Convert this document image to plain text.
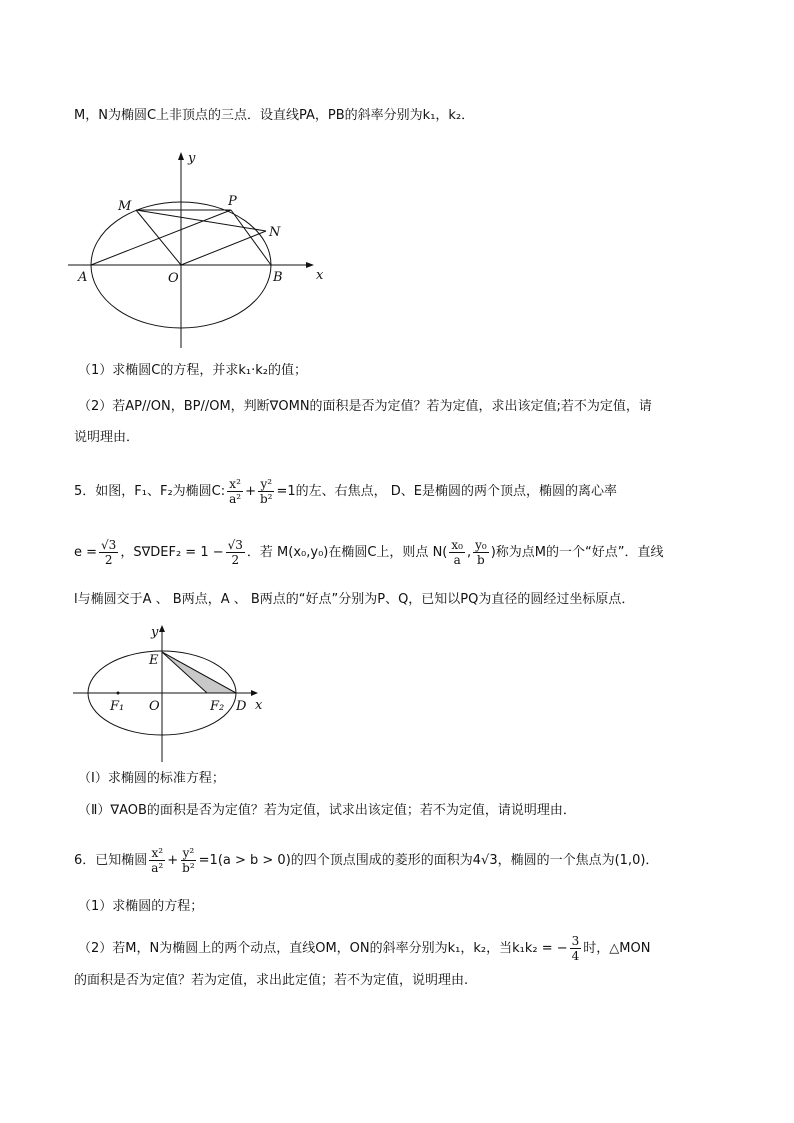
M，N为椭圆C上非顶点的三点．设直线PA，PB的斜率分别为k₁，k₂．
y
M	P
N
A	O	B	x
（1）求椭圆C的方程，并求k₁·k₂的值；
（2）若AP//ON，BP//OM，判断∇OMN的面积是否为定值？若为定值，求出该定值;若不为定值，请
说明理由．
5．如图，F₁、F₂为椭圆C: $\frac{\text{x²}}{\text{a²}} + \frac{\text{y²}}{\text{b²}} =1$的左、右焦点， D、E是椭圆的两个顶点，椭圆的离心率
$e = \frac{√3}{2}$ ，$S\nabla DEF_2 = 1 - \frac{√3}{2}$ ．若 M(x₀,y₀)在椭圆C上，则点 $N( \frac{\text{x₀}}{a}$ , $\frac{\text{y₀}}{b}$ )称为点M的一个“好点”．直线
l与椭圆交于A 、 B两点，A 、 B两点的“好点”分别为P、Q，已知以PQ为直径的圆经过坐标原点．
y
E
F₁ O	F₂ D x
（Ⅰ）求椭圆的标准方程；
（Ⅱ）∇AOB的面积是否为定值？若为定值，试求出该定值；若不为定值，请说明理由．
6．已知椭圆 $\frac{\text{x²}}{\text{a²}} + \frac{\text{y²}}{\text{b²}} =1(a > b > 0)$的四个顶点围成的菱形的面积为4√3，椭圆的一个焦点为(1,0)．
（1）求椭圆的方程；
（2）若M，N为椭圆上的两个动点，直线OM，ON的斜率分别为k₁，k₂，当k₁k₂ = − $\frac{3}{4}$ 时，△MON
的面积是否为定值？若为定值，求出此定值；若不为定值，说明理由.
